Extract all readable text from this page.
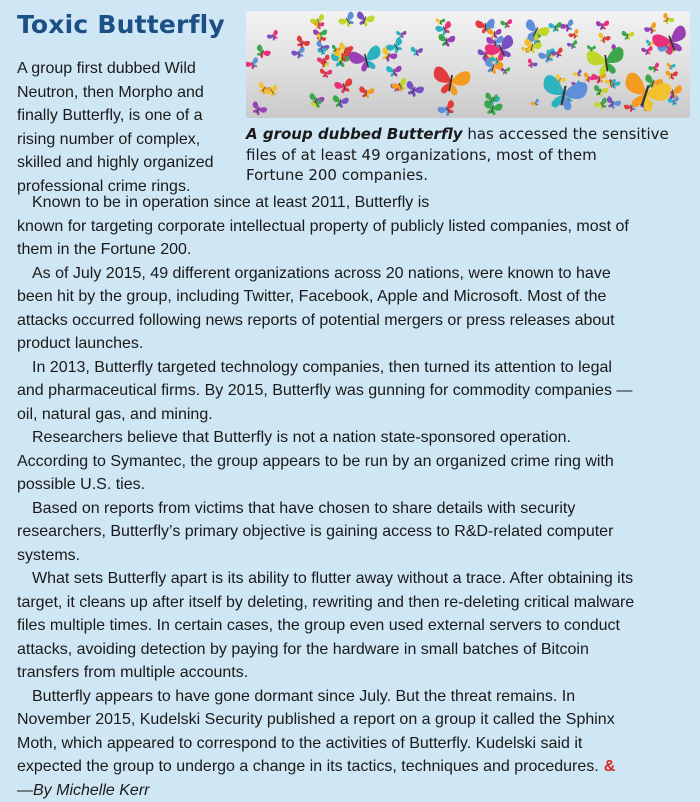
Toxic Butterfly
A group first dubbed Wild
Neutron, then Morpho and
finally Butterfly, is one of a
rising number of complex,
skilled and highly organized
professional crime rings.
A group dubbed Butterfly has accessed the sensitive
files of at least 49 organizations, most of them
Fortune 200 companies.

Known to be in operation since at least 2011, Butterfly is
known for targeting corporate intellectual property of publicly listed companies, most of
them in the Fortune 200.

As of July 2015, 49 different organizations across 20 nations, were known to have
been hit by the group, including Twitter, Facebook, Apple and Microsoft. Most of the
attacks occurred following news reports of potential mergers or press releases about
product launches.

In 2013, Butterfly targeted technology companies, then turned its attention to legal
and pharmaceutical firms. By 2015, Butterfly was gunning for commodity companies —
oil, natural gas, and mining.

Researchers believe that Butterfly is not a nation state-sponsored operation.
According to Symantec, the group appears to be run by an organized crime ring with
possible U.S. ties.

Based on reports from victims that have chosen to share details with security
researchers, Butterfly’s primary objective is gaining access to R&D-related computer
systems.

What sets Butterfly apart is its ability to flutter away without a trace. After obtaining its
target, it cleans up after itself by deleting, rewriting and then re-deleting critical malware
files multiple times. In certain cases, the group even used external servers to conduct
attacks, avoiding detection by paying for the hardware in small batches of Bitcoin
transfers from multiple accounts.

Butterfly appears to have gone dormant since July. But the threat remains. In
November 2015, Kudelski Security published a report on a group it called the Sphinx
Moth, which appeared to correspond to the activities of Butterfly. Kudelski said it
expected the group to undergo a change in its tactics, techniques and procedures. &

—By Michelle Kerr
